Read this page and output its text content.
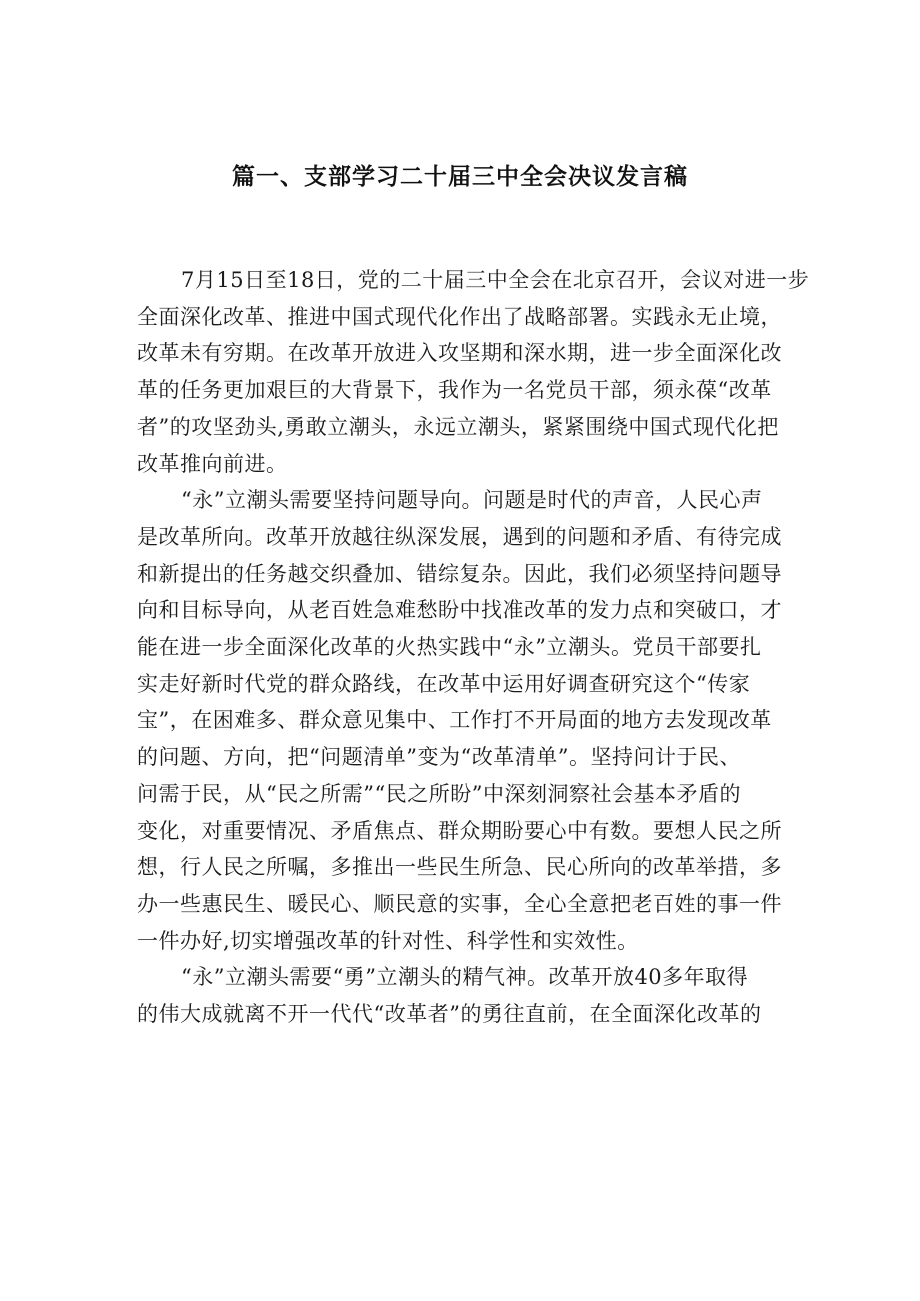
篇一、支部学习二十届三中全会决议发言稿

7月15日至18日，党的二十届三中全会在北京召开，会议对进一步
全面深化改革、推进中国式现代化作出了战略部署。实践永无止境，
改革未有穷期。在改革开放进入攻坚期和深水期，进一步全面深化改
革的任务更加艰巨的大背景下，我作为一名党员干部，须永葆“改革
者”的攻坚劲头,勇敢立潮头，永远立潮头，紧紧围绕中国式现代化把
改革推向前进。

“永”立潮头需要坚持问题导向。问题是时代的声音，人民心声
是改革所向。改革开放越往纵深发展，遇到的问题和矛盾、有待完成
和新提出的任务越交织叠加、错综复杂。因此，我们必须坚持问题导
向和目标导向，从老百姓急难愁盼中找准改革的发力点和突破口，才
能在进一步全面深化改革的火热实践中“永”立潮头。党员干部要扎
实走好新时代党的群众路线，在改革中运用好调查研究这个“传家
宝”，在困难多、群众意见集中、工作打不开局面的地方去发现改革
的问题、方向，把“问题清单”变为“改革清单”。坚持问计于民、
问需于民，从“民之所需”“民之所盼”中深刻洞察社会基本矛盾的
变化，对重要情况、矛盾焦点、群众期盼要心中有数。要想人民之所
想，行人民之所嘱，多推出一些民生所急、民心所向的改革举措，多
办一些惠民生、暖民心、顺民意的实事，全心全意把老百姓的事一件
一件办好,切实增强改革的针对性、科学性和实效性。

“永”立潮头需要“勇”立潮头的精气神。改革开放40多年取得
的伟大成就离不开一代代“改革者”的勇往直前，在全面深化改革的
